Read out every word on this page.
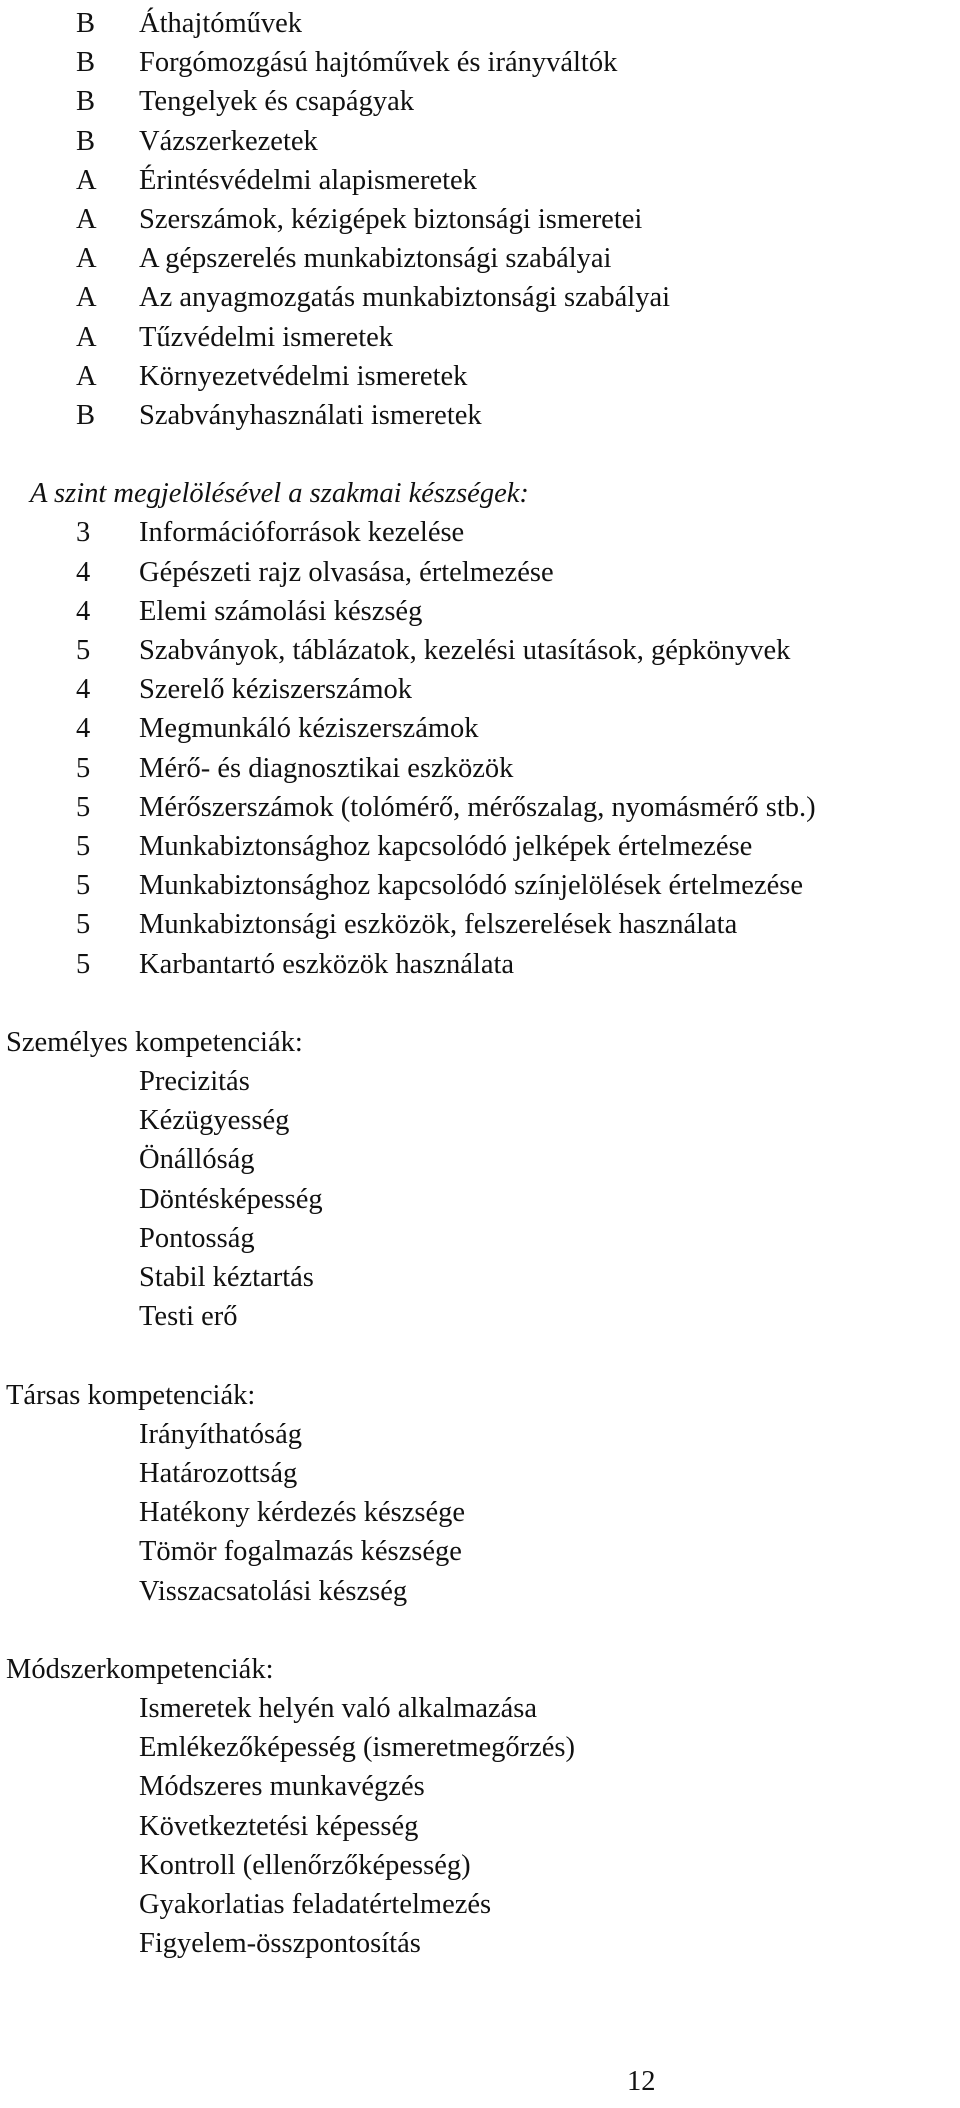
B	Áthajtóművek
B	Forgómozgású hajtóművek és irányváltók
B	Tengelyek és csapágyak
B	Vázszerkezetek
A	Érintésvédelmi alapismeretek
A	Szerszámok, kézigépek biztonsági ismeretei
A	A gépszerelés munkabiztonsági szabályai
A	Az anyagmozgatás munkabiztonsági szabályai
A	Tűzvédelmi ismeretek
A	Környezetvédelmi ismeretek
B	Szabványhasználati ismeretek
A szint megjelölésével a szakmai készségek:
3	Információforrások kezelése
4	Gépészeti rajz olvasása, értelmezése
4	Elemi számolási készség
5	Szabványok, táblázatok, kezelési utasítások, gépkönyvek
4	Szerelő kéziszerszámok
4	Megmunkáló kéziszerszámok
5	Mérő- és diagnosztikai eszközök
5	Mérőszerszámok (tolómérő, mérőszalag, nyomásmérő stb.)
5	Munkabiztonsághoz kapcsolódó jelképek értelmezése
5	Munkabiztonsághoz kapcsolódó színjelölések értelmezése
5	Munkabiztonsági eszközök, felszerelések használata
5	Karbantartó eszközök használata
Személyes kompetenciák:
Precizitás
Kézügyesség
Önállóság
Döntésképesség
Pontosság
Stabil kéztartás
Testi erő
Társas kompetenciák:
Irányíthatóság
Határozottság
Hatékony kérdezés készsége
Tömör fogalmazás készsége
Visszacsatolási készség
Módszerkompetenciák:
Ismeretek helyén való alkalmazása
Emlékezőképesség (ismeretmegőrzés)
Módszeres munkavégzés
Következtetési képesség
Kontroll (ellenőrzőképesség)
Gyakorlatias feladatértelmezés
Figyelem-összpontosítás
12
